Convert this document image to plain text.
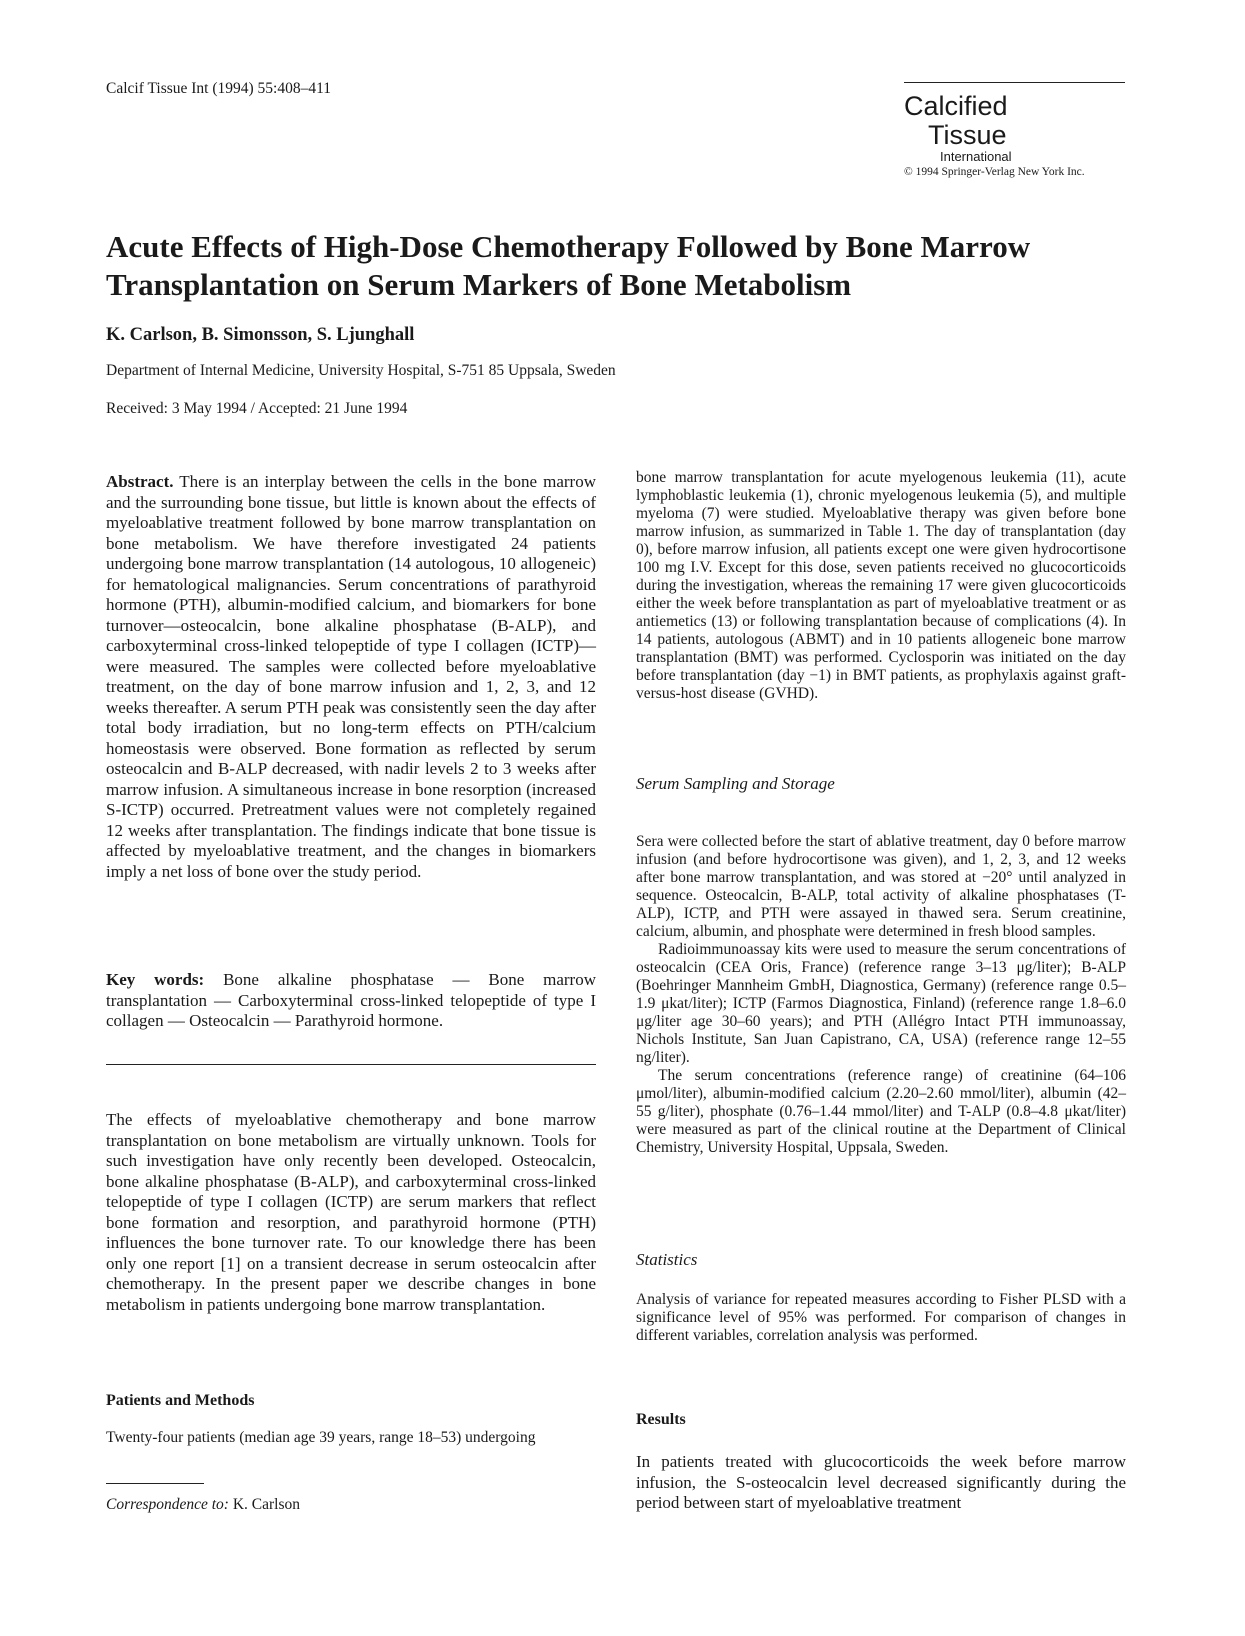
Calcif Tissue Int (1994) 55:408–411
Calcified
Tissue
International
© 1994 Springer-Verlag New York Inc.
Acute Effects of High-Dose Chemotherapy Followed by Bone Marrow Transplantation on Serum Markers of Bone Metabolism
K. Carlson, B. Simonsson, S. Ljunghall
Department of Internal Medicine, University Hospital, S-751 85 Uppsala, Sweden
Received: 3 May 1994 / Accepted: 21 June 1994

Abstract. There is an interplay between the cells in the bone marrow and the surrounding bone tissue, but little is known about the effects of myeloablative treatment followed by bone marrow transplantation on bone metabolism. We have therefore investigated 24 patients undergoing bone marrow transplantation (14 autologous, 10 allogeneic) for hematological malignancies. Serum concentrations of parathyroid hormone (PTH), albumin-modified calcium, and biomarkers for bone turnover—osteocalcin, bone alkaline phosphatase (B-ALP), and carboxyterminal cross-linked telopeptide of type I collagen (ICTP)—were measured. The samples were collected before myeloablative treatment, on the day of bone marrow infusion and 1, 2, 3, and 12 weeks thereafter. A serum PTH peak was consistently seen the day after total body irradiation, but no long-term effects on PTH/calcium homeostasis were observed. Bone formation as reflected by serum osteocalcin and B-ALP decreased, with nadir levels 2 to 3 weeks after marrow infusion. A simultaneous increase in bone resorption (increased S-ICTP) occurred. Pretreatment values were not completely regained 12 weeks after transplantation. The findings indicate that bone tissue is affected by myeloablative treatment, and the changes in biomarkers imply a net loss of bone over the study period.

Key words: Bone alkaline phosphatase — Bone marrow transplantation — Carboxyterminal cross-linked telopeptide of type I collagen — Osteocalcin — Parathyroid hormone.

The effects of myeloablative chemotherapy and bone marrow transplantation on bone metabolism are virtually unknown. Tools for such investigation have only recently been developed. Osteocalcin, bone alkaline phosphatase (B-ALP), and carboxyterminal cross-linked telopeptide of type I collagen (ICTP) are serum markers that reflect bone formation and resorption, and parathyroid hormone (PTH) influences the bone turnover rate. To our knowledge there has been only one report [1] on a transient decrease in serum osteocalcin after chemotherapy. In the present paper we describe changes in bone metabolism in patients undergoing bone marrow transplantation.

Patients and Methods
Twenty-four patients (median age 39 years, range 18–53) undergoing
Correspondence to: K. Carlson

bone marrow transplantation for acute myelogenous leukemia (11), acute lymphoblastic leukemia (1), chronic myelogenous leukemia (5), and multiple myeloma (7) were studied. Myeloablative therapy was given before bone marrow infusion, as summarized in Table 1. The day of transplantation (day 0), before marrow infusion, all patients except one were given hydrocortisone 100 mg I.V. Except for this dose, seven patients received no glucocorticoids during the investigation, whereas the remaining 17 were given glucocorticoids either the week before transplantation as part of myeloablative treatment or as antiemetics (13) or following transplantation because of complications (4). In 14 patients, autologous (ABMT) and in 10 patients allogeneic bone marrow transplantation (BMT) was performed. Cyclosporin was initiated on the day before transplantation (day −1) in BMT patients, as prophylaxis against graft-versus-host disease (GVHD).

Serum Sampling and Storage

Sera were collected before the start of ablative treatment, day 0 before marrow infusion (and before hydrocortisone was given), and 1, 2, 3, and 12 weeks after bone marrow transplantation, and was stored at −20° until analyzed in sequence. Osteocalcin, B-ALP, total activity of alkaline phosphatases (T-ALP), ICTP, and PTH were assayed in thawed sera. Serum creatinine, calcium, albumin, and phosphate were determined in fresh blood samples.

Radioimmunoassay kits were used to measure the serum concentrations of osteocalcin (CEA Oris, France) (reference range 3–13 μg/liter); B-ALP (Boehringer Mannheim GmbH, Diagnostica, Germany) (reference range 0.5–1.9 μkat/liter); ICTP (Farmos Diagnostica, Finland) (reference range 1.8–6.0 μg/liter age 30–60 years); and PTH (Allégro Intact PTH immunoassay, Nichols Institute, San Juan Capistrano, CA, USA) (reference range 12–55 ng/liter).

The serum concentrations (reference range) of creatinine (64–106 μmol/liter), albumin-modified calcium (2.20–2.60 mmol/liter), albumin (42–55 g/liter), phosphate (0.76–1.44 mmol/liter) and T-ALP (0.8–4.8 μkat/liter) were measured as part of the clinical routine at the Department of Clinical Chemistry, University Hospital, Uppsala, Sweden.

Statistics

Analysis of variance for repeated measures according to Fisher PLSD with a significance level of 95% was performed. For comparison of changes in different variables, correlation analysis was performed.

Results

In patients treated with glucocorticoids the week before marrow infusion, the S-osteocalcin level decreased significantly during the period between start of myeloablative treatment
